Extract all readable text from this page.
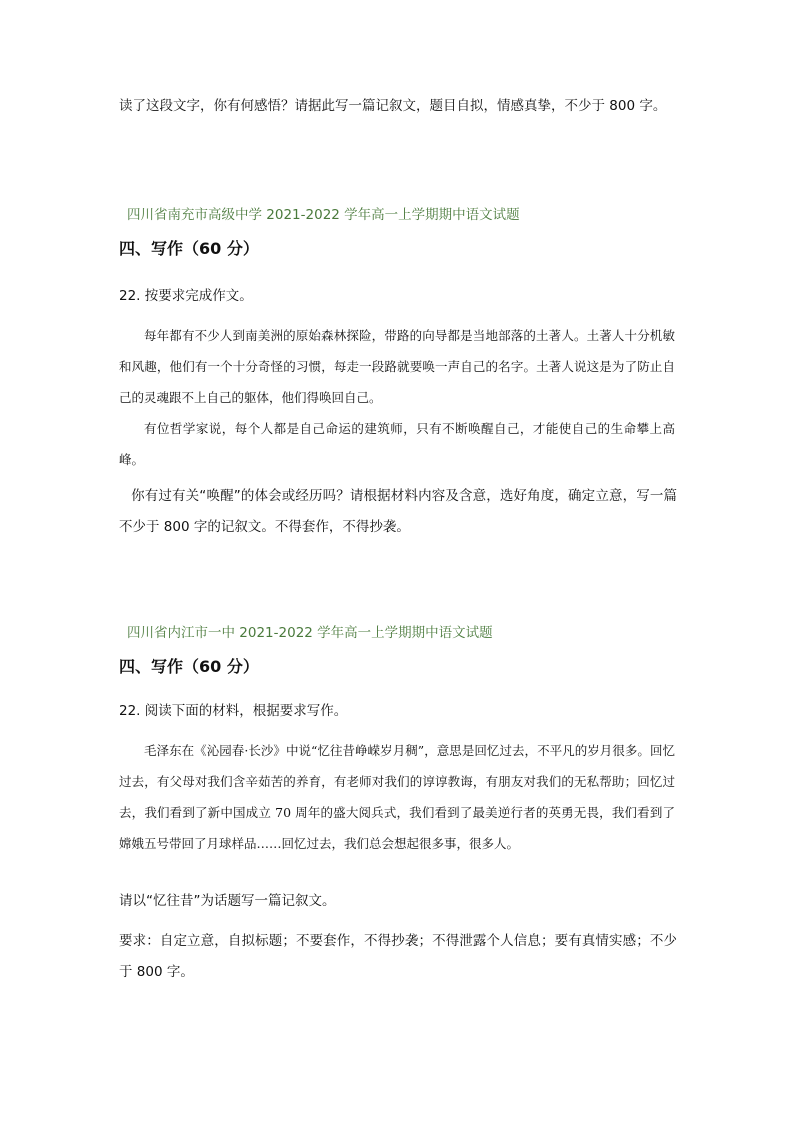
读了这段文字，你有何感悟？请据此写一篇记叙文，题目自拟，情感真挚，不少于 800 字。
四川省南充市高级中学 2021-2022 学年高一上学期期中语文试题
四、写作（60 分）
22. 按要求完成作文。
每年都有不少人到南美洲的原始森林探险，带路的向导都是当地部落的土著人。土著人十分机敏和风趣，他们有一个十分奇怪的习惯，每走一段路就要唤一声自己的名字。土著人说这是为了防止自己的灵魂跟不上自己的躯体，他们得唤回自己。
有位哲学家说，每个人都是自己命运的建筑师，只有不断唤醒自己，才能使自己的生命攀上高峰。
你有过有关“唤醒”的体会或经历吗？请根据材料内容及含意，选好角度，确定立意，写一篇不少于 800 字的记叙文。不得套作，不得抄袭。
四川省内江市一中 2021-2022 学年高一上学期期中语文试题
四、写作（60 分）
22. 阅读下面的材料，根据要求写作。
毛泽东在《沁园春·长沙》中说“忆往昔峥嵘岁月稠”，意思是回忆过去，不平凡的岁月很多。回忆过去，有父母对我们含辛茹苦的养育，有老师对我们的谆谆教诲，有朋友对我们的无私帮助；回忆过去，我们看到了新中国成立 70 周年的盛大阅兵式，我们看到了最美逆行者的英勇无畏，我们看到了嫦娥五号带回了月球样品……回忆过去，我们总会想起很多事，很多人。
请以“忆往昔”为话题写一篇记叙文。
要求：自定立意，自拟标题；不要套作，不得抄袭；不得泄露个人信息；要有真情实感；不少于 800 字。
